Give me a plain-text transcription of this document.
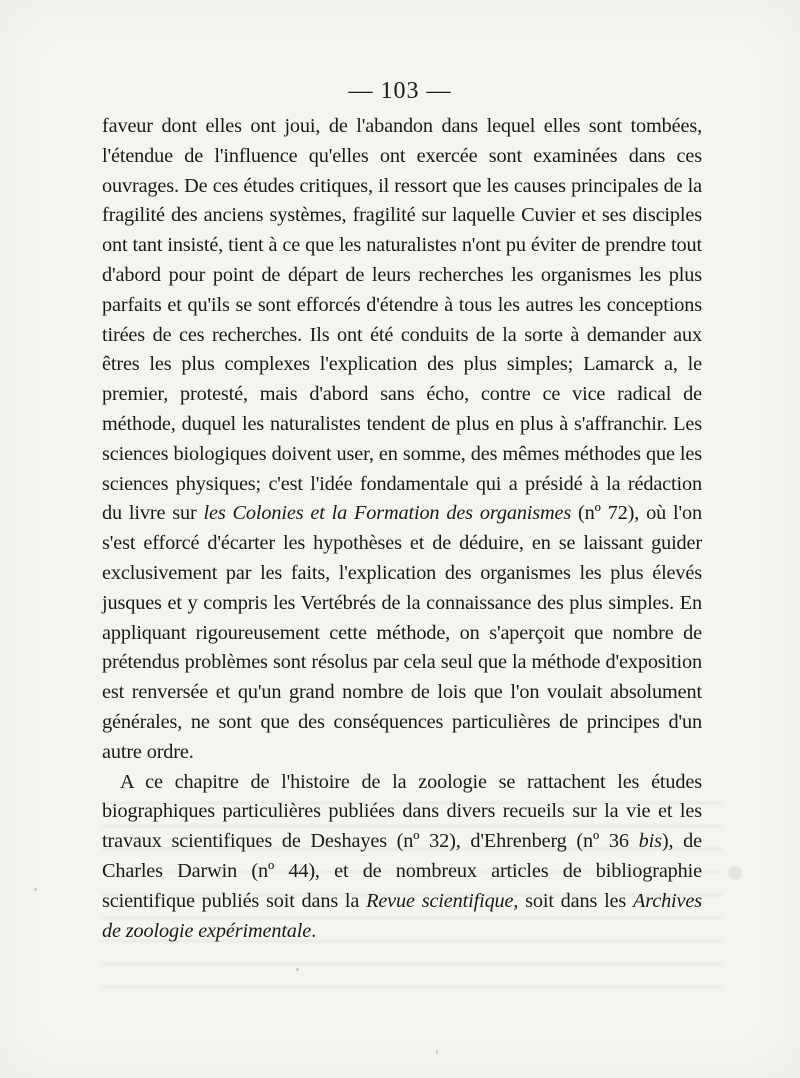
— 103 —

faveur dont elles ont joui, de l'abandon dans lequel elles sont tombées, l'étendue de l'influence qu'elles ont exercée sont examinées dans ces ouvrages. De ces études critiques, il ressort que les causes principales de la fragilité des anciens systèmes, fragilité sur laquelle Cuvier et ses disciples ont tant insisté, tient à ce que les naturalistes n'ont pu éviter de prendre tout d'abord pour point de départ de leurs recherches les organismes les plus parfaits et qu'ils se sont efforcés d'étendre à tous les autres les conceptions tirées de ces recherches. Ils ont été conduits de la sorte à demander aux êtres les plus complexes l'explication des plus simples; Lamarck a, le premier, protesté, mais d'abord sans écho, contre ce vice radical de méthode, duquel les naturalistes tendent de plus en plus à s'affranchir. Les sciences biologiques doivent user, en somme, des mêmes méthodes que les sciences physiques; c'est l'idée fondamentale qui a présidé à la rédaction du livre sur les Colonies et la Formation des organismes (nº 72), où l'on s'est efforcé d'écarter les hypothèses et de déduire, en se laissant guider exclusivement par les faits, l'explication des organismes les plus élevés jusques et y compris les Vertébrés de la connaissance des plus simples. En appliquant rigoureusement cette méthode, on s'aperçoit que nombre de prétendus problèmes sont résolus par cela seul que la méthode d'exposition est renversée et qu'un grand nombre de lois que l'on voulait absolument générales, ne sont que des conséquences particulières de principes d'un autre ordre.

A ce chapitre de l'histoire de la zoologie se rattachent les études biographiques particulières publiées dans divers recueils sur la vie et les travaux scientifiques de Deshayes (nº 32), d'Ehrenberg (nº 36 bis), de Charles Darwin (nº 44), et de nombreux articles de bibliographie scientifique publiés soit dans la Revue scientifique, soit dans les Archives de zoologie expérimentale.
